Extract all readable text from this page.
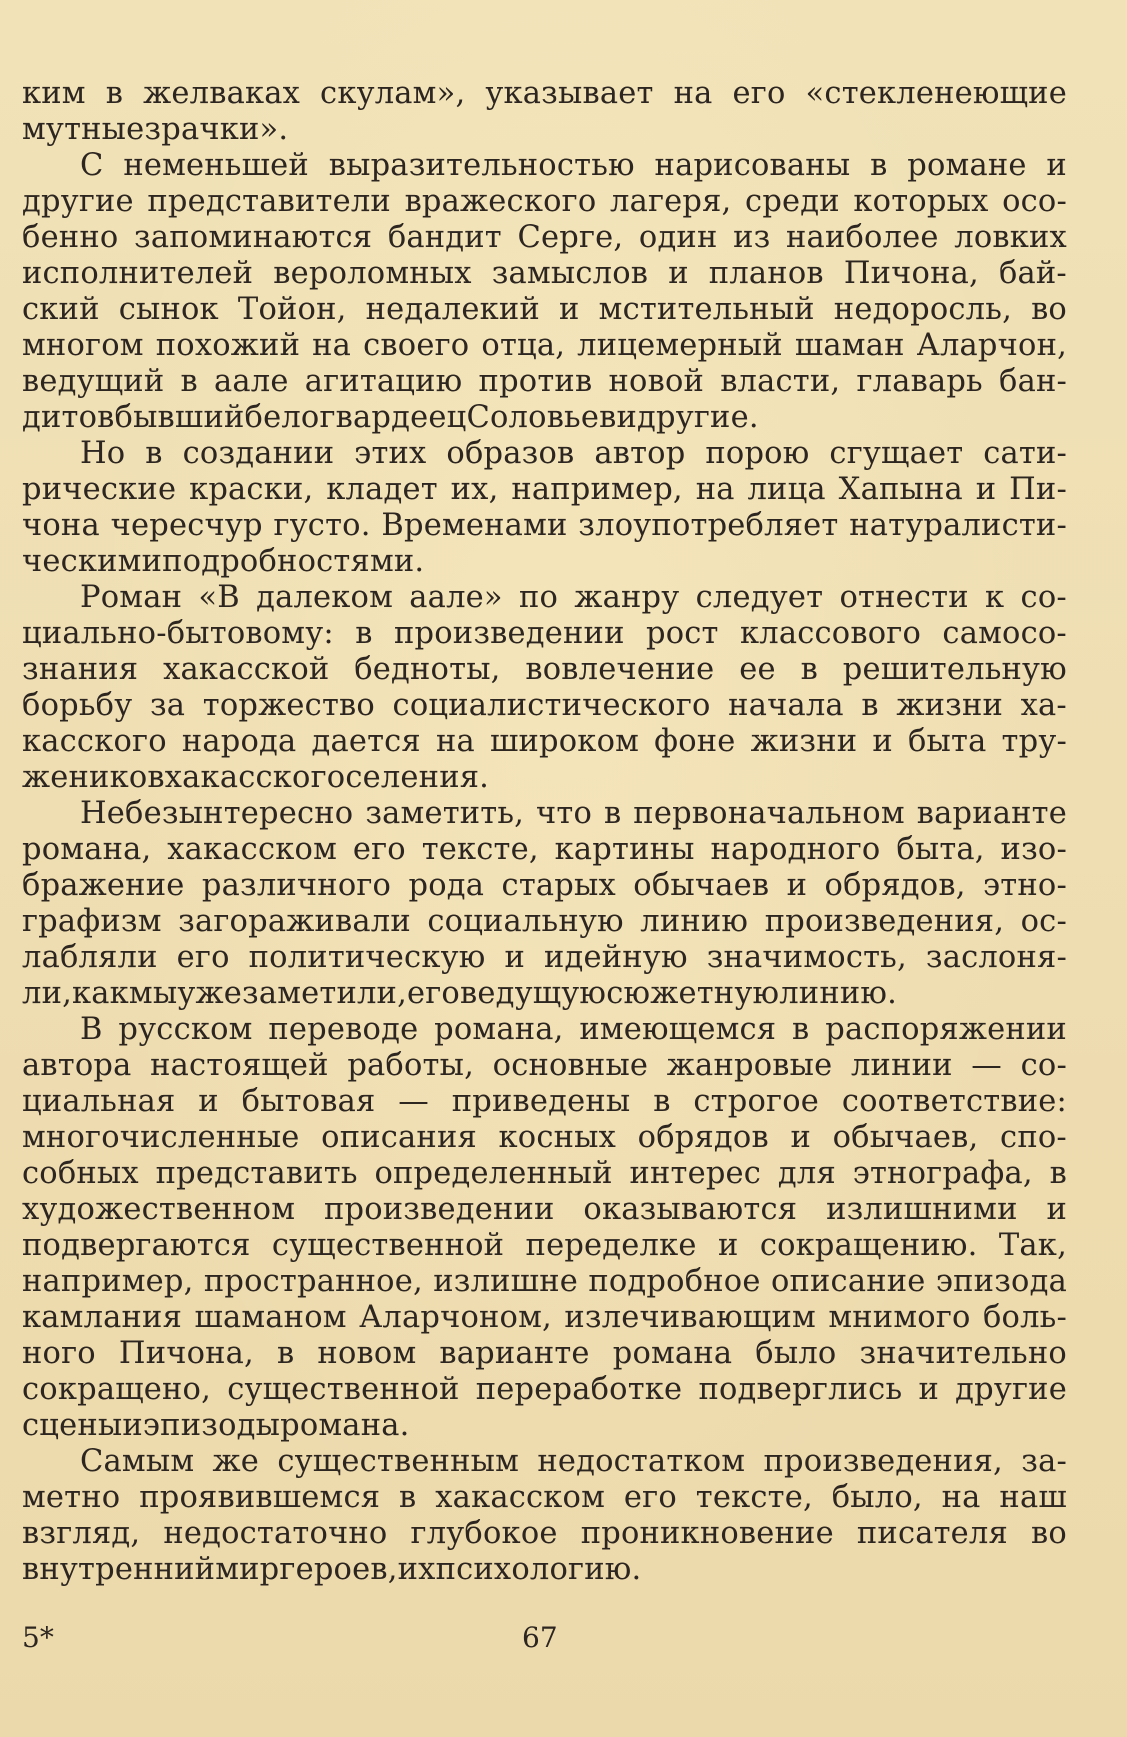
ким в желваках скулам», указывает на его «стекленеющие
мутные зрачки».
С неменьшей выразительностью нарисованы в романе и
другие представители вражеского лагеря, среди которых осо-
бенно запоминаются бандит Серге, один из наиболее ловких
исполнителей вероломных замыслов и планов Пичона, бай-
ский сынок Тойон, недалекий и мстительный недоросль, во
многом похожий на своего отца, лицемерный шаман Аларчон,
ведущий в аале агитацию против новой власти, главарь бан-
дитов бывший белогвардеец Соловьев и другие.
Но в создании этих образов автор порою сгущает сати-
рические краски, кладет их, например, на лица Хапына и Пи-
чона чересчур густо. Временами злоупотребляет натуралисти-
ческими подробностями.
Роман «В далеком аале» по жанру следует отнести к со-
циально-бытовому: в произведении рост классового самосо-
знания хакасской бедноты, вовлечение ее в решительную
борьбу за торжество социалистического начала в жизни ха-
касского народа дается на широком фоне жизни и быта тру-
жеников хакасского селения.
Небезынтересно заметить, что в первоначальном варианте
романа, хакасском его тексте, картины народного быта, изо-
бражение различного рода старых обычаев и обрядов, этно-
графизм загораживали социальную линию произведения, ос-
лабляли его политическую и идейную значимость, заслоня-
ли, как мы уже заметили, его ведущую сюжетную линию.
В русском переводе романа, имеющемся в распоряжении
автора настоящей работы, основные жанровые линии — со-
циальная и бытовая — приведены в строгое соответствие:
многочисленные описания косных обрядов и обычаев, спо-
собных представить определенный интерес для этнографа, в
художественном произведении оказываются излишними и
подвергаются существенной переделке и сокращению. Так,
например, пространное, излишне подробное описание эпизода
камлания шаманом Аларчоном, излечивающим мнимого боль-
ного Пичона, в новом варианте романа было значительно
сокращено, существенной переработке подверглись и другие
сцены и эпизоды романа.
Самым же существенным недостатком произведения, за-
метно проявившемся в хакасском его тексте, было, на наш
взгляд, недостаточно глубокое проникновение писателя во
внутренний мир героев, их психологию.
5*	67
